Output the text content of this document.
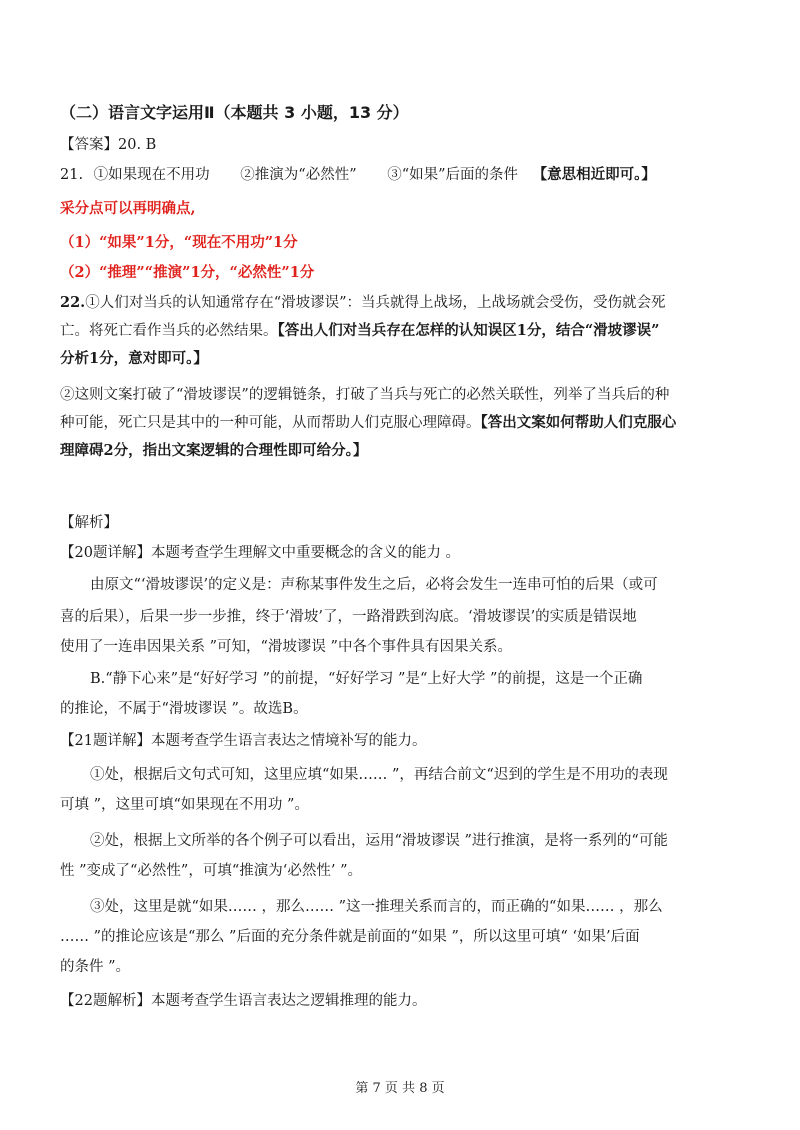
（二）语言文字运用Ⅱ（本题共 3 小题，13 分）
【答案】20. B
21. ①如果现在不用功 ②推演为“必然性” ③“如果”后面的条件 【意思相近即可。】
采分点可以再明确点,
（1）“如果”1分，“现在不用功”1分
（2）“推理”“推演”1分，“必然性”1分
22.①人们对当兵的认知通常存在“滑坡谬误”：当兵就得上战场，上战场就会受伤，受伤就会死
亡。将死亡看作当兵的必然结果。【答出人们对当兵存在怎样的认知误区1分，结合“滑坡谬误”
分析1分，意对即可。】
②这则文案打破了“滑坡谬误”的逻辑链条，打破了当兵与死亡的必然关联性，列举了当兵后的种
种可能，死亡只是其中的一种可能，从而帮助人们克服心理障碍。【答出文案如何帮助人们克服心
理障碍2分，指出文案逻辑的合理性即可给分。】
【解析】
【20题详解】本题考查学生理解文中重要概念的含义的能力 。
由原文“‘滑坡谬误’的定义是：声称某事件发生之后，必将会发生一连串可怕的后果（或可
喜的后果），后果一步一步推，终于‘滑坡’了，一路滑跌到沟底。‘滑坡谬误’的实质是错误地
使用了一连串因果关系 ”可知，“滑坡谬误 ”中各个事件具有因果关系。
B.“静下心来”是“好好学习 ”的前提，“好好学习 ”是“上好大学 ”的前提，这是一个正确
的推论，不属于“滑坡谬误 ”。故选B。
【21题详解】本题考查学生语言表达之情境补写的能力。
①处，根据后文句式可知，这里应填“如果…… ”，再结合前文“迟到的学生是不用功的表现
可填 ”，这里可填“如果现在不用功 ”。
②处，根据上文所举的各个例子可以看出，运用“滑坡谬误 ”进行推演，是将一系列的“可能
性 ”变成了“必然性”，可填“推演为‘必然性’ ”。
③处，这里是就“如果…… ，那么…… ”这一推理关系而言的，而正确的“如果…… ，那么
…… ”的推论应该是“那么 ”后面的充分条件就是前面的“如果 ”，所以这里可填“ ‘如果’后面
的条件 ”。
【22题解析】本题考查学生语言表达之逻辑推理的能力。
第 7 页 共 8 页
